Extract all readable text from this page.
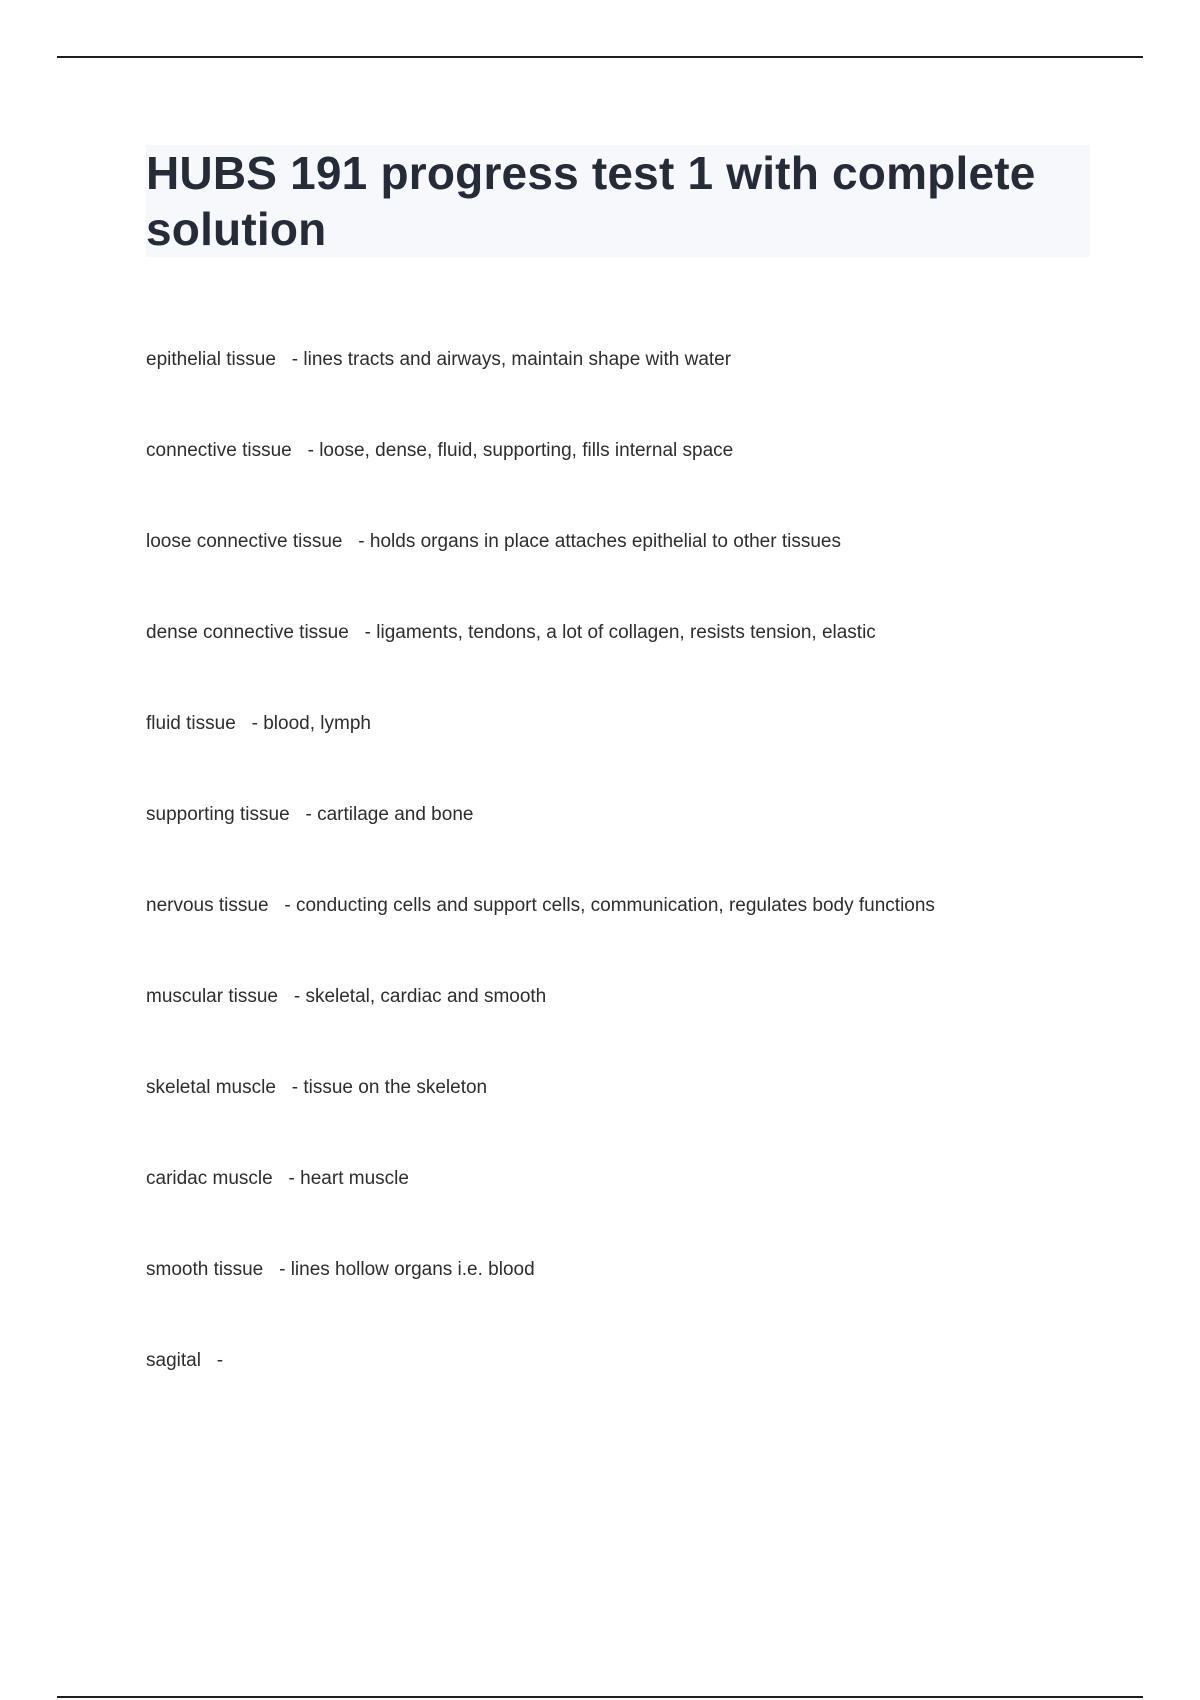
HUBS 191 progress test 1 with complete solution
epithelial tissue   - lines tracts and airways, maintain shape with water
connective tissue   - loose, dense, fluid, supporting, fills internal space
loose connective tissue   - holds organs in place attaches epithelial to other tissues
dense connective tissue   - ligaments, tendons, a lot of collagen, resists tension, elastic
fluid tissue   - blood, lymph
supporting tissue   - cartilage and bone
nervous tissue   - conducting cells and support cells, communication, regulates body functions
muscular tissue   - skeletal, cardiac and smooth
skeletal muscle   - tissue on the skeleton
caridac muscle   - heart muscle
smooth tissue   - lines hollow organs i.e. blood
sagital   -
